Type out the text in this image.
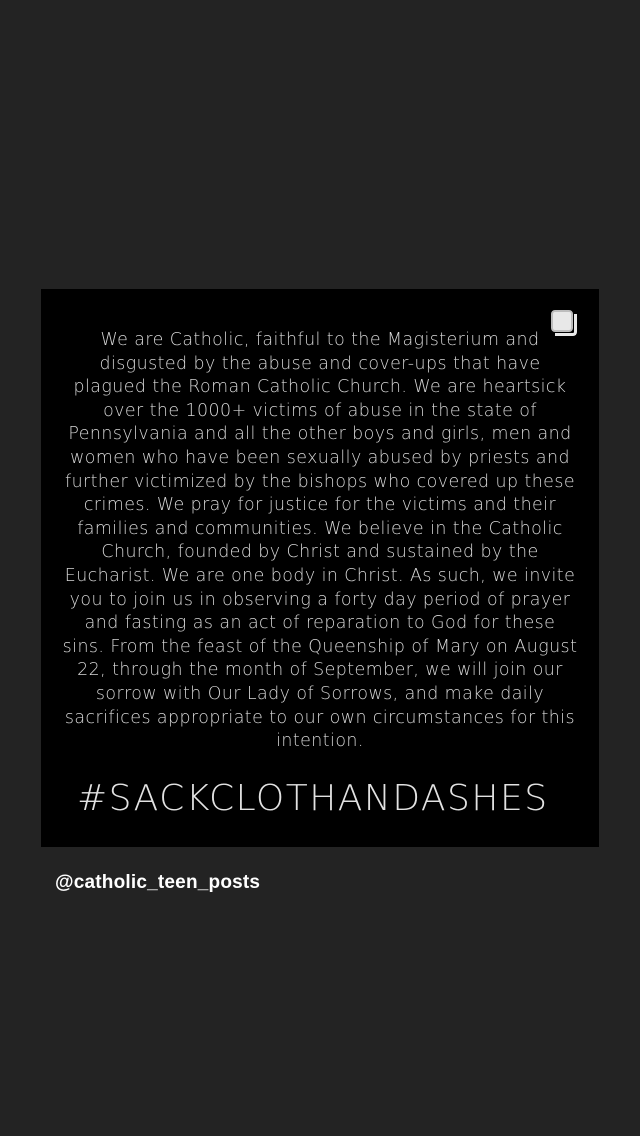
We are Catholic, faithful to the Magisterium and disgusted by the abuse and cover-ups that have plagued the Roman Catholic Church. We are heartsick over the 1000+ victims of abuse in the state of Pennsylvania and all the other boys and girls, men and women who have been sexually abused by priests and further victimized by the bishops who covered up these crimes. We pray for justice for the victims and their families and communities. We believe in the Catholic Church, founded by Christ and sustained by the Eucharist. We are one body in Christ. As such, we invite you to join us in observing a forty day period of prayer and fasting as an act of reparation to God for these sins. From the feast of the Queenship of Mary on August 22, through the month of September, we will join our sorrow with Our Lady of Sorrows, and make daily sacrifices appropriate to our own circumstances for this intention.

#SACKCLOTHANDASHES

@catholic_teen_posts
